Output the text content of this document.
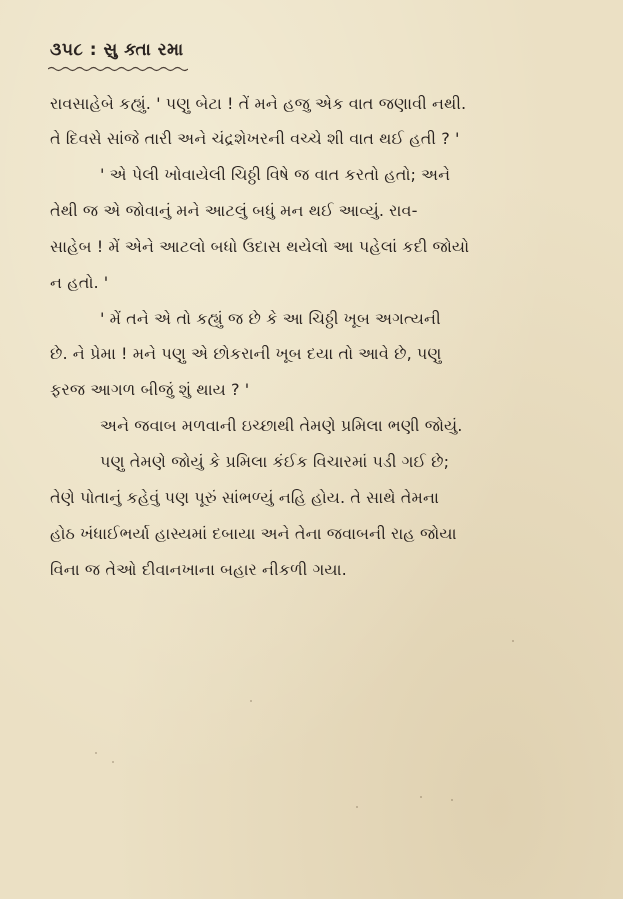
૩૫૮ : સુ ક્તા રમા
રાવસાહેબે કહ્યું. ' પણુ બેટા ! તેં મને હજુ એક વાત જણાવી નથી.
તે દિવસે સાંજે તારી અને ચંદ્રશેખરની વચ્ચે શી વાત થઈ હતી ? '
' એ પેલી ખોવાયેલી ચિઠ્ઠી વિષે જ વાત કરતો હતો; અને
તેથી જ એ જોવાનું મને આટલું બધું મન થઈ આવ્યું. રાવ-
સાહેબ ! મેં એને આટલો બધો ઉદાસ થયેલો આ પહેલાં કદી જોયો
ન હતો. '
' મેં તને એ તો કહ્યું જ છે કે આ ચિઠ્ઠી ખૂબ અગત્યની
છે. ને પ્રેમા ! મને પણુ એ છોકરાની ખૂબ દયા તો આવે છે, પણુ
ફરજ આગળ બીજું શું થાય ? '
અને જવાબ મળવાની ઇચ્છાથી તેમણે પ્રમિલા ભણી જોયું.
પણુ તેમણે જોયું કે પ્રમિલા કંઈક વિચારમાં પડી ગઈ છે;
તેણે પોતાનું કહેવું પણ પૂરું સાંભળ્યું નહિ હોય. તે સાથે તેમના
હોઠ ખંધાઈભર્યા હાસ્યમાં દબાયા અને તેના જવાબની રાહ જોયા
વિના જ તેઓ દીવાનખાના બહાર નીકળી ગયા.
